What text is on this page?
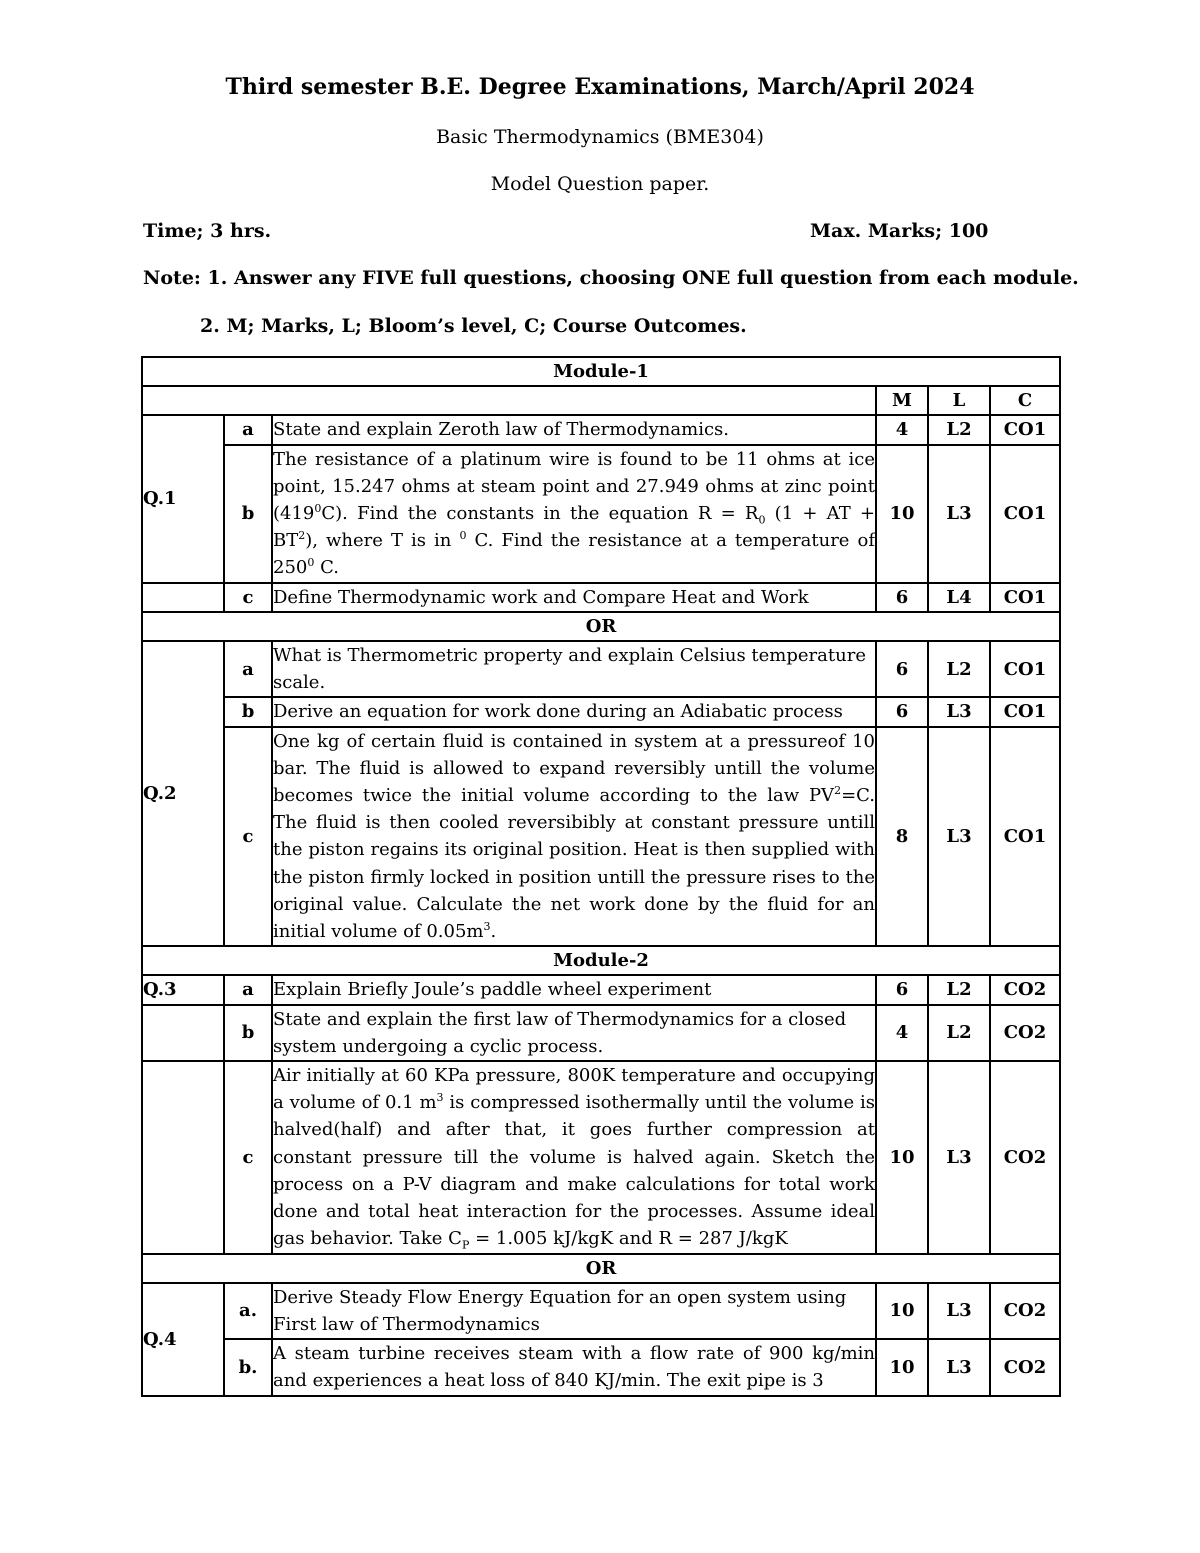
Third semester B.E. Degree Examinations, March/April 2024
Basic Thermodynamics (BME304)
Model Question paper.
Time; 3 hrs.	Max. Marks; 100
Note: 1. Answer any FIVE full questions, choosing ONE full question from each module.
2. M; Marks, L; Bloom’s level, C; Course Outcomes.
Module-1					
			M	L	C
Q.1	a	State and explain Zeroth law of Thermodynamics.	4	L2	CO1
	b	The resistance of a platinum wire is found to be 11 ohms at ice point, 15.247 ohms at steam point and 27.949 ohms at zinc point $(419^0C)$. Find the constants in the equation $R = R_0$ (1 + AT + $BT^2$), where T is in $^0$ C. Find the resistance at a temperature of $250^0$ C.	10	L3	CO1
	c	Define Thermodynamic work and Compare Heat and Work	6	L4	CO1
OR					
Q.2	a	What is Thermometric property and explain Celsius temperature scale.	6	L2	CO1
	b	Derive an equation for work done during an Adiabatic process	6	L3	CO1
	c	One kg of certain fluid is contained in system at a pressureof 10 bar. The fluid is allowed to expand reversibly untill the volume becomes twice the initial volume according to the law $PV^2=C$. The fluid is then cooled reversibibly at constant pressure untill the piston regains its original position. Heat is then supplied with the piston firmly locked in position untill the pressure rises to the original value. Calculate the net work done by the fluid for an initial volume of $0.05m^3$.	8	L3	CO1
Module-2					
Q.3	a	Explain Briefly Joule’s paddle wheel experiment	6	L2	CO2
	b	State and explain the first law of Thermodynamics for a closed system undergoing a cyclic process.	4	L2	CO2
	c	Air initially at 60 KPa pressure, 800K temperature and occupying a volume of 0.1 $m^3$ is compressed isothermally until the volume is halved(half) and after that, it goes further compression at constant pressure till the volume is halved again. Sketch the process on a P-V diagram and make calculations for total work done and total heat interaction for the processes. Assume ideal gas behavior. Take $C_P = 1.005$ kJ/kgK and R = 287 J/kgK	10	L3	CO2
OR					
Q.4	a.	Derive Steady Flow Energy Equation for an open system using First law of Thermodynamics	10	L3	CO2
	b.	A steam turbine receives steam with a flow rate of 900 kg/min and experiences a heat loss of 840 KJ/min. The exit pipe is 3	10	L3	CO2
